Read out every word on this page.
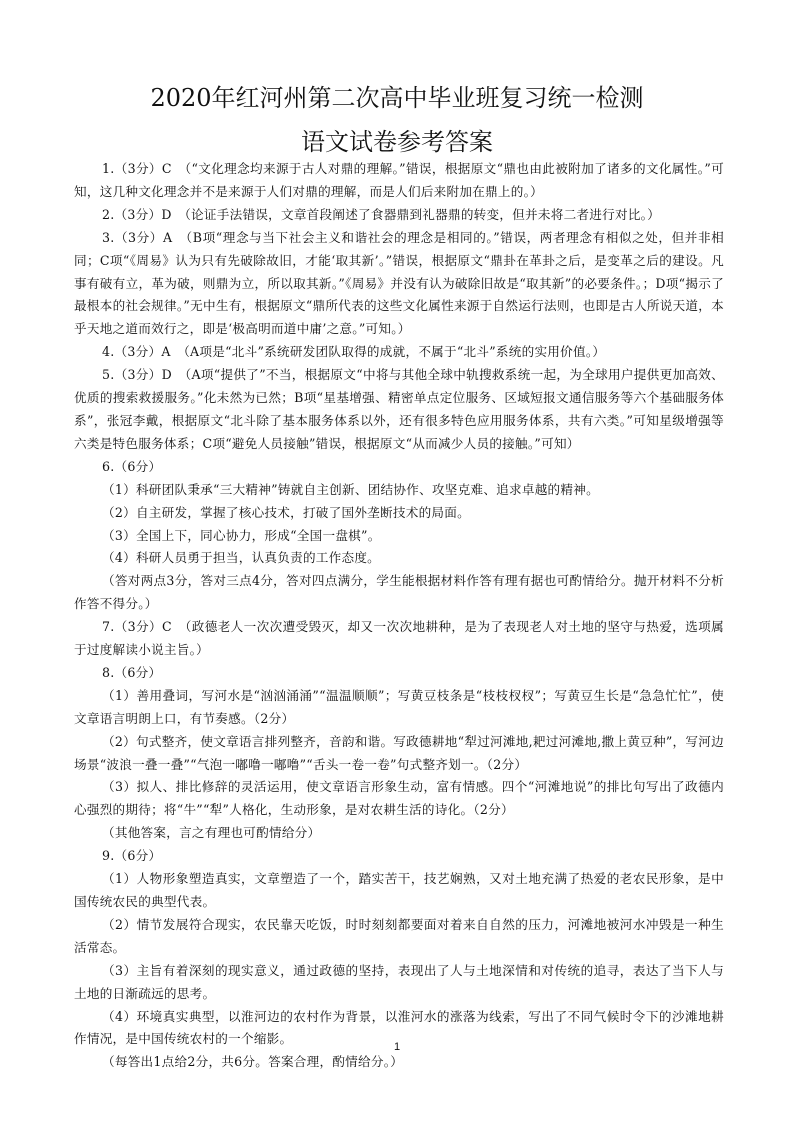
2020年红河州第二次高中毕业班复习统一检测
语文试卷参考答案

1.（3分）C　（“文化理念均来源于古人对鼎的理解。”错误，根据原文“鼎也由此被附加了诸多的文化属性。”可知，这几种文化理念并不是来源于人们对鼎的理解，而是人们后来附加在鼎上的。）

2.（3分）D　（论证手法错误，文章首段阐述了食器鼎到礼器鼎的转变，但并未将二者进行对比。）

3.（3分）A　（B项“理念与当下社会主义和谐社会的理念是相同的。”错误，两者理念有相似之处，但并非相同；C项“《周易》认为只有先破除故旧，才能‘取其新’。”错误，根据原文“鼎卦在革卦之后，是变革之后的建设。凡事有破有立，革为破，则鼎为立，所以取其新。”《周易》并没有认为破除旧故是“取其新”的必要条件。；D项“揭示了最根本的社会规律。”无中生有，根据原文“鼎所代表的这些文化属性来源于自然运行法则，也即是古人所说天道，本乎天地之道而效行之，即是‘极高明而道中庸’之意。”可知。）

4.（3分）A　（A项是“北斗”系统研发团队取得的成就，不属于“北斗”系统的实用价值。）

5.（3分）D　（A项“提供了”不当，根据原文“中将与其他全球中轨搜救系统一起，为全球用户提供更加高效、优质的搜索救援服务。”化未然为已然；B项“星基增强、精密单点定位服务、区域短报文通信服务等六个基础服务体系”，张冠李戴，根据原文“北斗除了基本服务体系以外，还有很多特色应用服务体系，共有六类。”可知星级增强等六类是特色服务体系；C项“避免人员接触”错误，根据原文“从而减少人员的接触。”可知）

6.（6分）

（1）科研团队秉承“三大精神”铸就自主创新、团结协作、攻坚克难、追求卓越的精神。

（2）自主研发，掌握了核心技术，打破了国外垄断技术的局面。

（3）全国上下，同心协力，形成“全国一盘棋”。

（4）科研人员勇于担当，认真负责的工作态度。

（答对两点3分，答对三点4分，答对四点满分，学生能根据材料作答有理有据也可酌情给分。抛开材料不分析作答不得分。）

7.（3分）C　（政德老人一次次遭受毁灭，却又一次次地耕种，是为了表现老人对土地的坚守与热爱，选项属于过度解读小说主旨。）

8.（6分）

（1）善用叠词，写河水是“汹汹涌涌”“温温顺顺”；写黄豆枝条是“枝枝杈杈”；写黄豆生长是“急急忙忙”，使文章语言明朗上口，有节奏感。（2分）

（2）句式整齐，使文章语言排列整齐，音韵和谐。写政德耕地“犁过河滩地,耙过河滩地,撒上黄豆种”，写河边场景“波浪一叠一叠”“气泡一嘟噜一嘟噜”“舌头一卷一卷”句式整齐划一。（2分）

（3）拟人、排比修辞的灵活运用，使文章语言形象生动，富有情感。四个“河滩地说”的排比句写出了政德内心强烈的期待；将“牛”“犁”人格化，生动形象，是对农耕生活的诗化。（2分）

（其他答案，言之有理也可酌情给分）

9.（6分）

（1）人物形象塑造真实，文章塑造了一个，踏实苦干，技艺娴熟，又对土地充满了热爱的老农民形象，是中国传统农民的典型代表。

（2）情节发展符合现实，农民靠天吃饭，时时刻刻都要面对着来自自然的压力，河滩地被河水冲毁是一种生活常态。

（3）主旨有着深刻的现实意义，通过政德的坚持，表现出了人与土地深情和对传统的追寻，表达了当下人与土地的日渐疏远的思考。

（4）环境真实典型，以淮河边的农村作为背景，以淮河水的涨落为线索，写出了不同气候时令下的沙滩地耕作情况，是中国传统农村的一个缩影。

（每答出1点给2分，共6分。答案合理，酌情给分。）

1
